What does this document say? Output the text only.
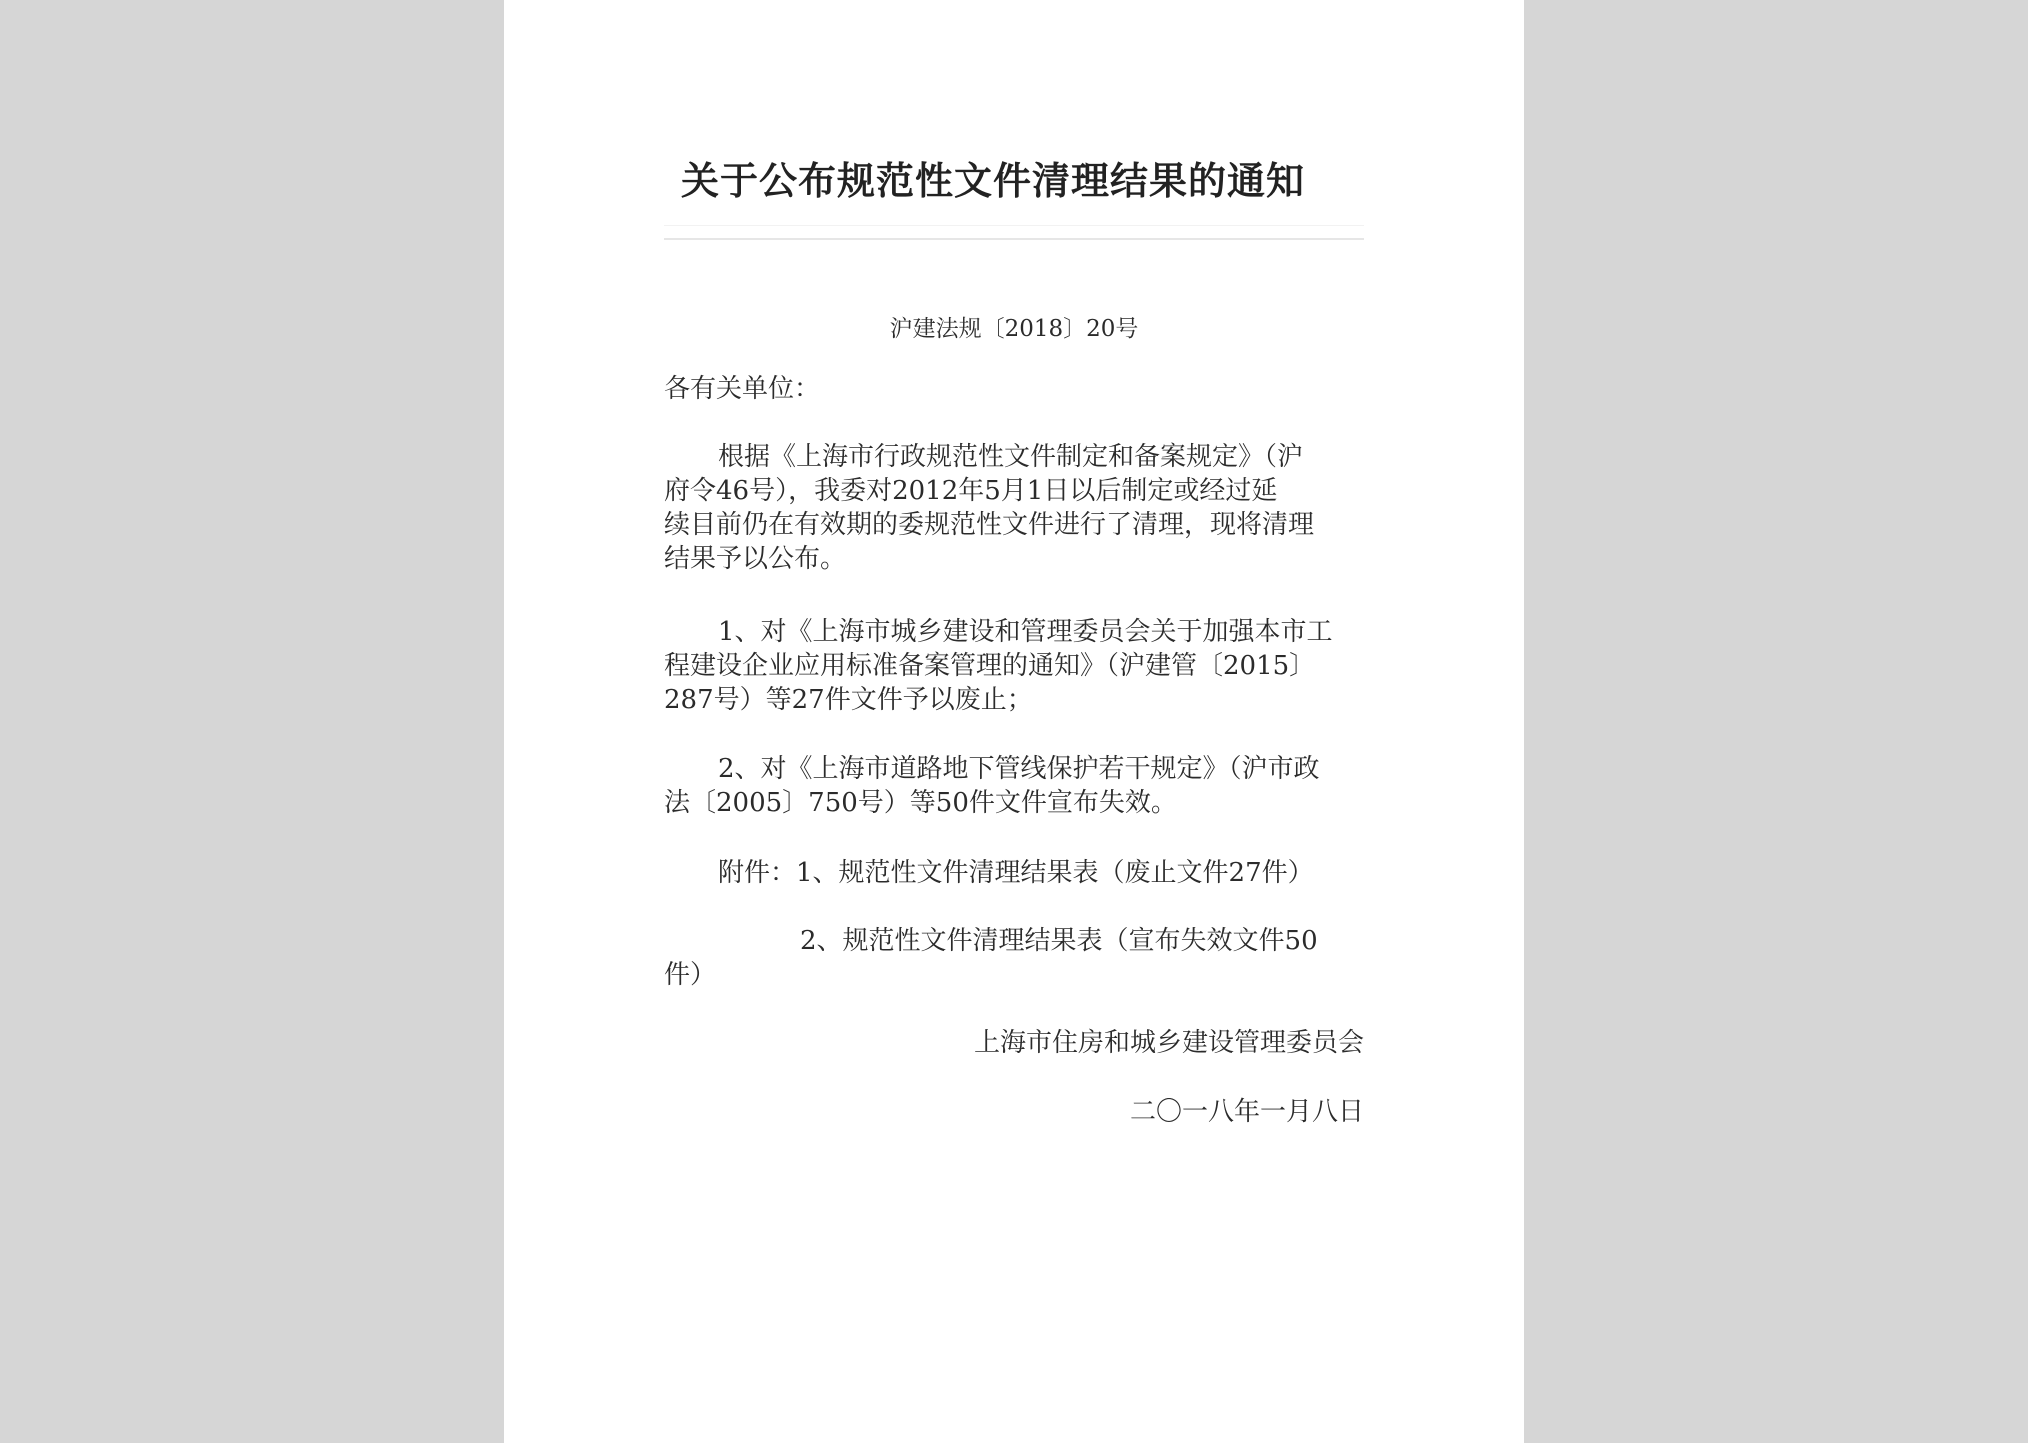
关于公布规范性文件清理结果的通知
沪建法规〔2018〕20号
各有关单位：
根据《上海市行政规范性文件制定和备案规定》（沪
府令46号），我委对2012年5月1日以后制定或经过延
续目前仍在有效期的委规范性文件进行了清理，现将清理
结果予以公布。
1、对《上海市城乡建设和管理委员会关于加强本市工
程建设企业应用标准备案管理的通知》（沪建管〔2015〕
287号）等27件文件予以废止；
2、对《上海市道路地下管线保护若干规定》（沪市政
法〔2005〕750号）等50件文件宣布失效。
附件：1、规范性文件清理结果表（废止文件27件）
2、规范性文件清理结果表（宣布失效文件50
件）
上海市住房和城乡建设管理委员会
二〇一八年一月八日
